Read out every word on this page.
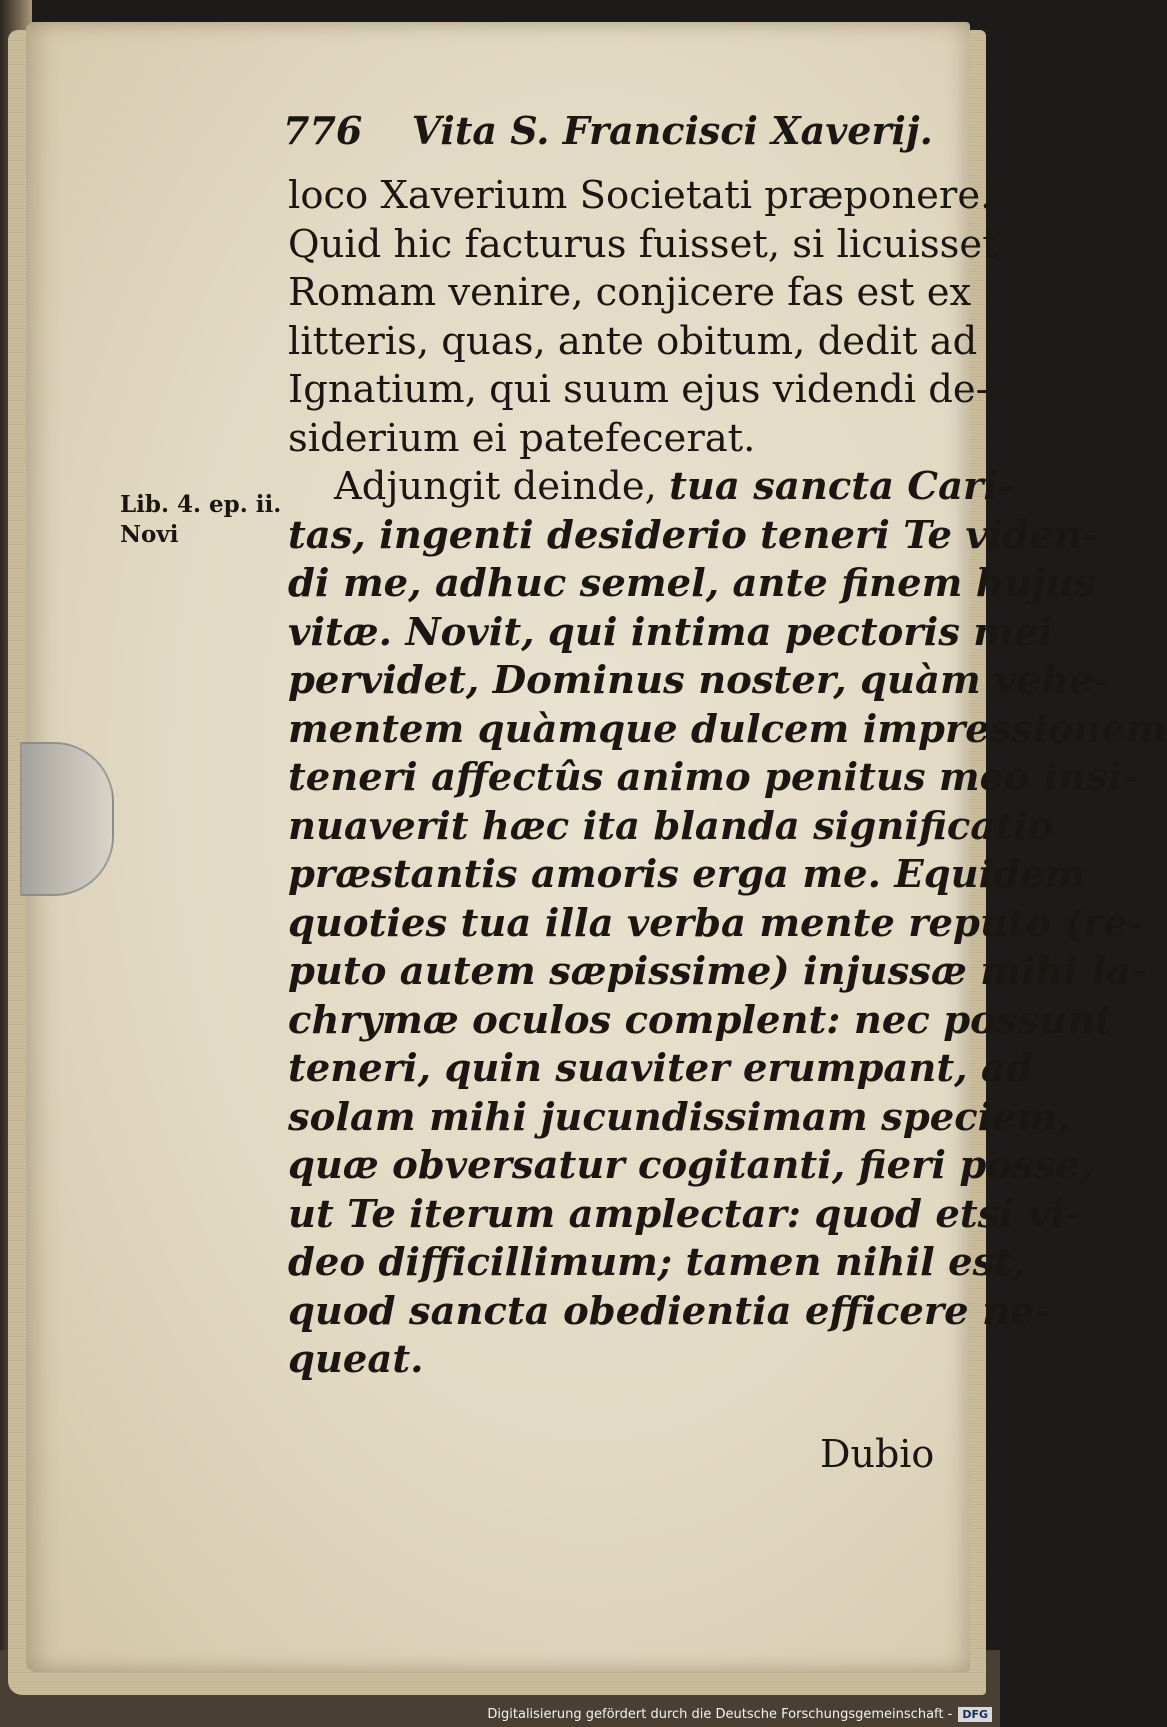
776 Vita S. Francisci Xaverij.
Lib. 4. ep. ii.
Novi
loco Xaverium Societati præponere.
Quid hic facturus fuisset, si licuisset
Romam venire, conjicere fas est ex
litteris, quas, ante obitum, dedit ad
Ignatium, qui suum ejus videndi de-
siderium ei patefecerat.
Adjungit deinde, tua sancta Cari-
tas, ingenti desiderio teneri Te viden-
di me, adhuc semel, ante finem hujus
vitæ. Novit, qui intima pectoris mei
pervidet, Dominus noster, quàm vehe-
mentem quàmque dulcem impressionem
teneri affectûs animo penitus meo insi-
nuaverit hæc ita blanda significatio
præstantis amoris erga me. Equidem
quoties tua illa verba mente reputo (re-
puto autem sæpissime) injussæ mihi la-
chrymæ oculos complent: nec possunt
teneri, quin suaviter erumpant, ad
solam mihi jucundissimam speciem,
quæ obversatur cogitanti, fieri posse,
ut Te iterum amplectar: quod etsi vi-
deo difficillimum; tamen nihil est,
quod sancta obedientia efficere ne-
queat.
Dubio
Digitalisierung gefördert durch die Deutsche Forschungsgemeinschaft - DFG
